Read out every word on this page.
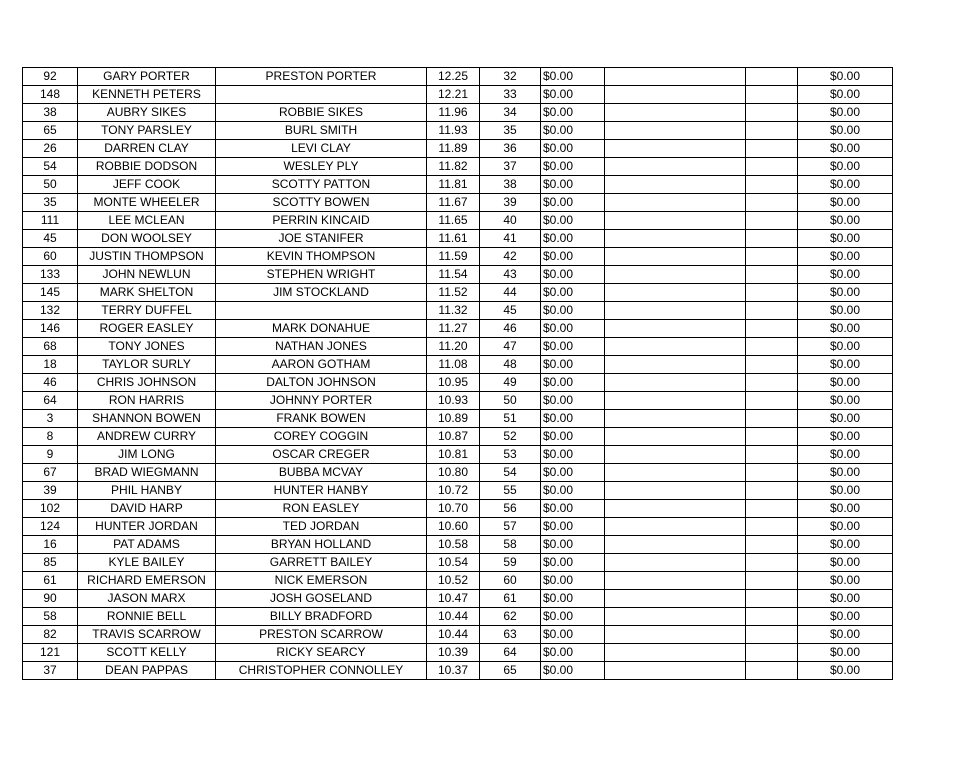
92	GARY PORTER	PRESTON PORTER	12.25	32	$0.00			$0.00
148	KENNETH PETERS		12.21	33	$0.00			$0.00
38	AUBRY SIKES	ROBBIE SIKES	11.96	34	$0.00			$0.00
65	TONY PARSLEY	BURL SMITH	11.93	35	$0.00			$0.00
26	DARREN CLAY	LEVI CLAY	11.89	36	$0.00			$0.00
54	ROBBIE DODSON	WESLEY PLY	11.82	37	$0.00			$0.00
50	JEFF COOK	SCOTTY PATTON	11.81	38	$0.00			$0.00
35	MONTE WHEELER	SCOTTY BOWEN	11.67	39	$0.00			$0.00
111	LEE MCLEAN	PERRIN KINCAID	11.65	40	$0.00			$0.00
45	DON WOOLSEY	JOE STANIFER	11.61	41	$0.00			$0.00
60	JUSTIN THOMPSON	KEVIN THOMPSON	11.59	42	$0.00			$0.00
133	JOHN NEWLUN	STEPHEN WRIGHT	11.54	43	$0.00			$0.00
145	MARK SHELTON	JIM STOCKLAND	11.52	44	$0.00			$0.00
132	TERRY DUFFEL		11.32	45	$0.00			$0.00
146	ROGER EASLEY	MARK DONAHUE	11.27	46	$0.00			$0.00
68	TONY JONES	NATHAN JONES	11.20	47	$0.00			$0.00
18	TAYLOR SURLY	AARON GOTHAM	11.08	48	$0.00			$0.00
46	CHRIS JOHNSON	DALTON JOHNSON	10.95	49	$0.00			$0.00
64	RON HARRIS	JOHNNY PORTER	10.93	50	$0.00			$0.00
3	SHANNON BOWEN	FRANK BOWEN	10.89	51	$0.00			$0.00
8	ANDREW CURRY	COREY COGGIN	10.87	52	$0.00			$0.00
9	JIM LONG	OSCAR CREGER	10.81	53	$0.00			$0.00
67	BRAD WIEGMANN	BUBBA MCVAY	10.80	54	$0.00			$0.00
39	PHIL HANBY	HUNTER HANBY	10.72	55	$0.00			$0.00
102	DAVID HARP	RON EASLEY	10.70	56	$0.00			$0.00
124	HUNTER JORDAN	TED JORDAN	10.60	57	$0.00			$0.00
16	PAT ADAMS	BRYAN HOLLAND	10.58	58	$0.00			$0.00
85	KYLE BAILEY	GARRETT BAILEY	10.54	59	$0.00			$0.00
61	RICHARD EMERSON	NICK EMERSON	10.52	60	$0.00			$0.00
90	JASON MARX	JOSH GOSELAND	10.47	61	$0.00			$0.00
58	RONNIE BELL	BILLY BRADFORD	10.44	62	$0.00			$0.00
82	TRAVIS SCARROW	PRESTON SCARROW	10.44	63	$0.00			$0.00
121	SCOTT KELLY	RICKY SEARCY	10.39	64	$0.00			$0.00
37	DEAN PAPPAS	CHRISTOPHER CONNOLLEY	10.37	65	$0.00			$0.00
